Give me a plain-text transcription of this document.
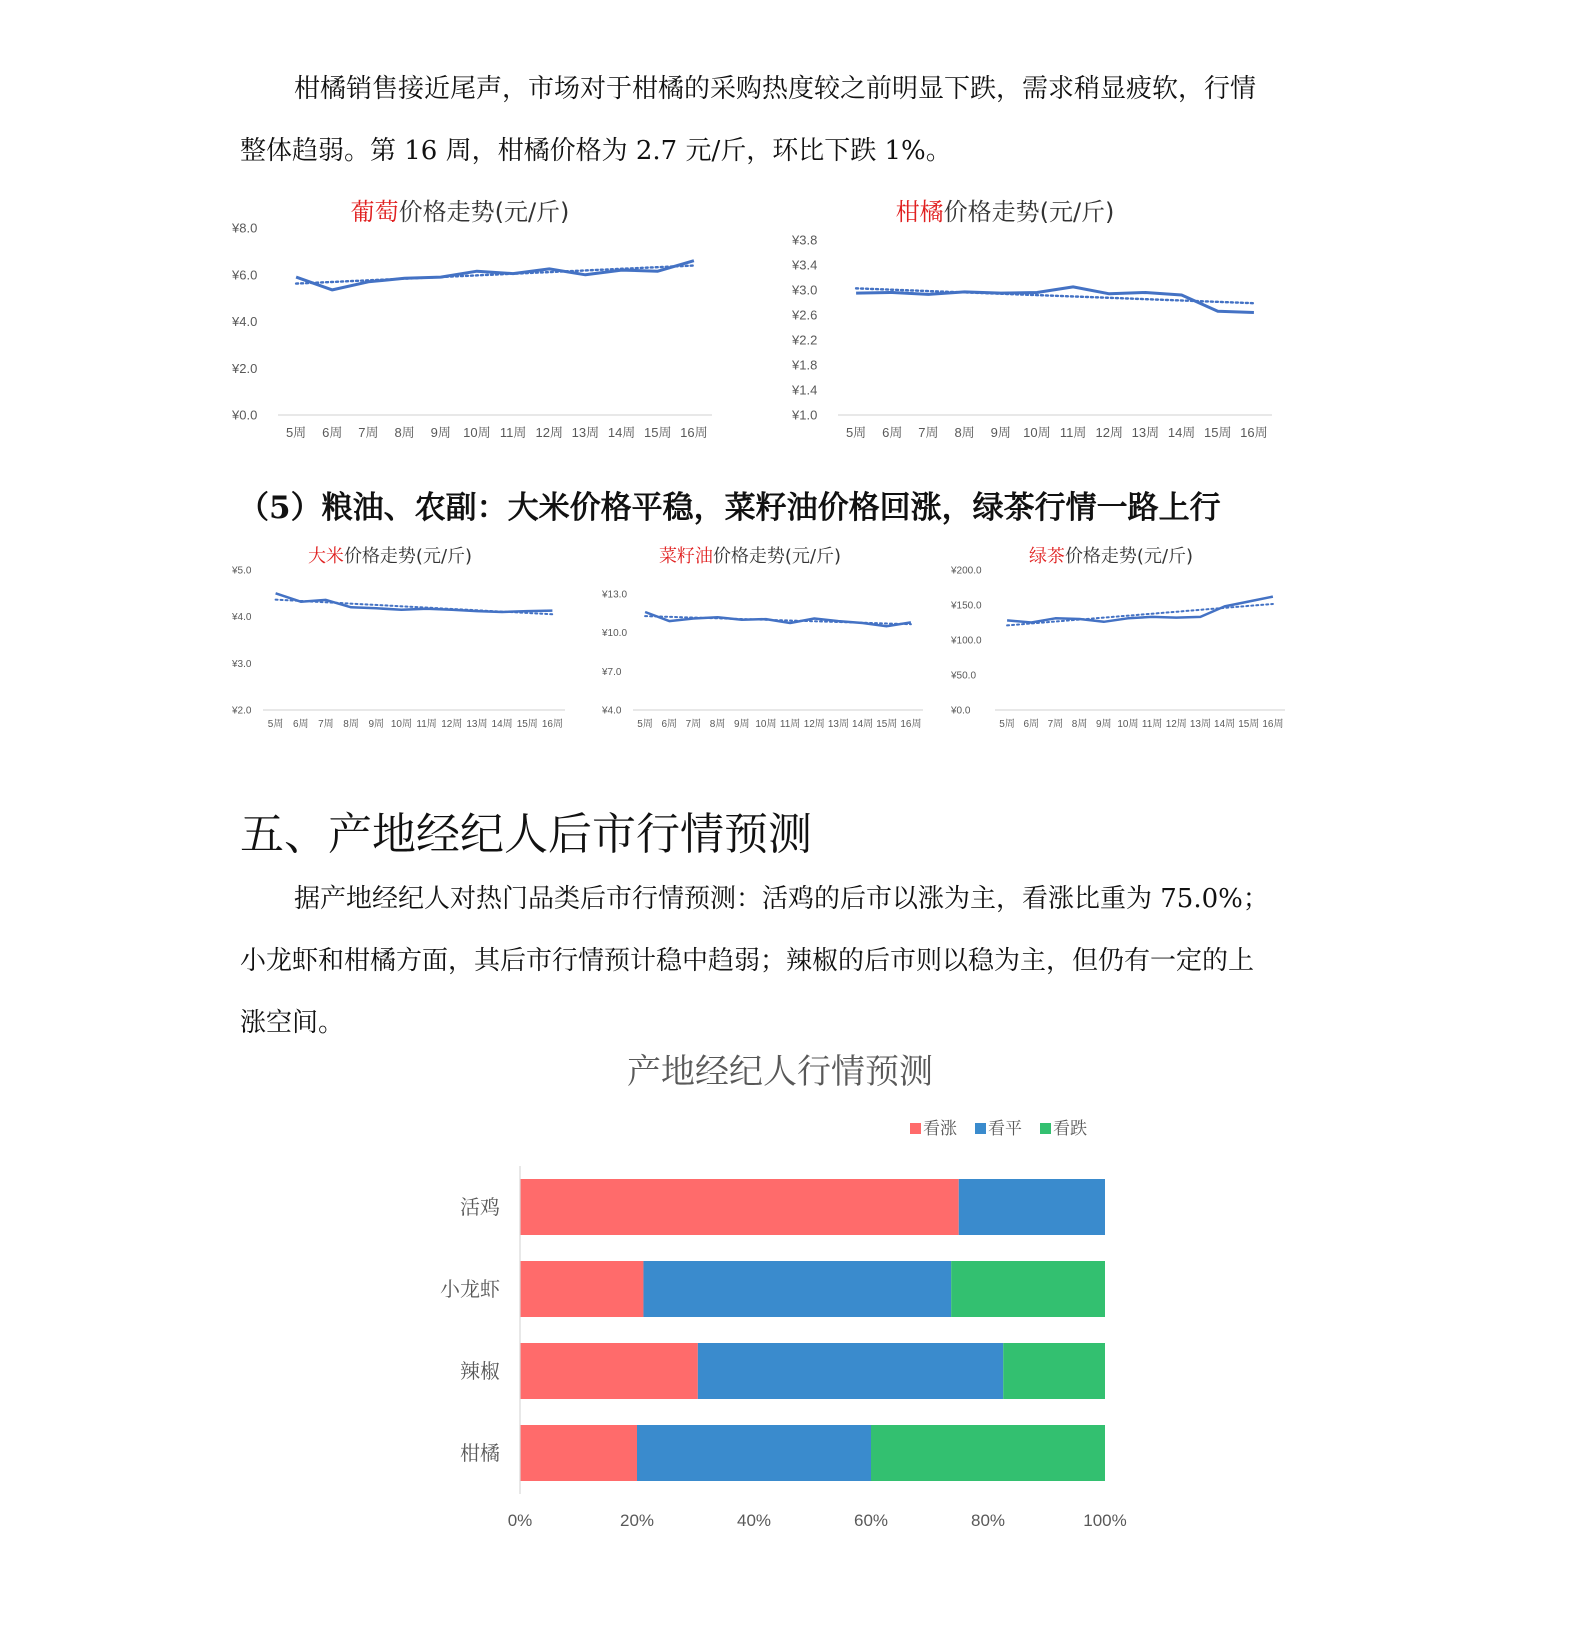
柑橘销售接近尾声，市场对于柑橘的采购热度较之前明显下跌，需求稍显疲软，行情

整体趋弱。第 16 周，柑橘价格为 2.7 元/斤，环比下跌 1%。

葡萄价格走势(元/斤)
¥0.0
¥2.0
¥4.0
¥6.0
¥8.0
5周 6周 7周 8周 9周 10周 11周 12周 13周 14周 15周 16周
柑橘价格走势(元/斤)
¥1.0
¥1.4
¥1.8
¥2.2
¥2.6
¥3.0
¥3.4
¥3.8
5周 6周 7周 8周 9周 10周 11周 12周 13周 14周 15周 16周

（5）粮油、农副：大米价格平稳，菜籽油价格回涨，绿茶行情一路上行

大米价格走势(元/斤)
¥2.0
¥3.0
¥4.0
¥5.0
5周 6周 7周 8周 9周 10周 11周 12周 13周 14周 15周 16周
菜籽油价格走势(元/斤)
¥4.0
¥7.0
¥10.0
¥13.0
5周 6周 7周 8周 9周 10周 11周 12周 13周 14周 15周 16周
绿茶价格走势(元/斤)
¥0.0
¥50.0
¥100.0
¥150.0
¥200.0
5周 6周 7周 8周 9周 10周 11周 12周 13周 14周 15周 16周
五、产地经纪人后市行情预测

据产地经纪人对热门品类后市行情预测：活鸡的后市以涨为主，看涨比重为 75.0%；

小龙虾和柑橘方面，其后市行情预计稳中趋弱；辣椒的后市则以稳为主，但仍有一定的上
涨空间。

产地经纪人行情预测
看涨 看平 看跌
活鸡
小龙虾
辣椒
柑橘
0%	20%	40%	60%	80%	100%
